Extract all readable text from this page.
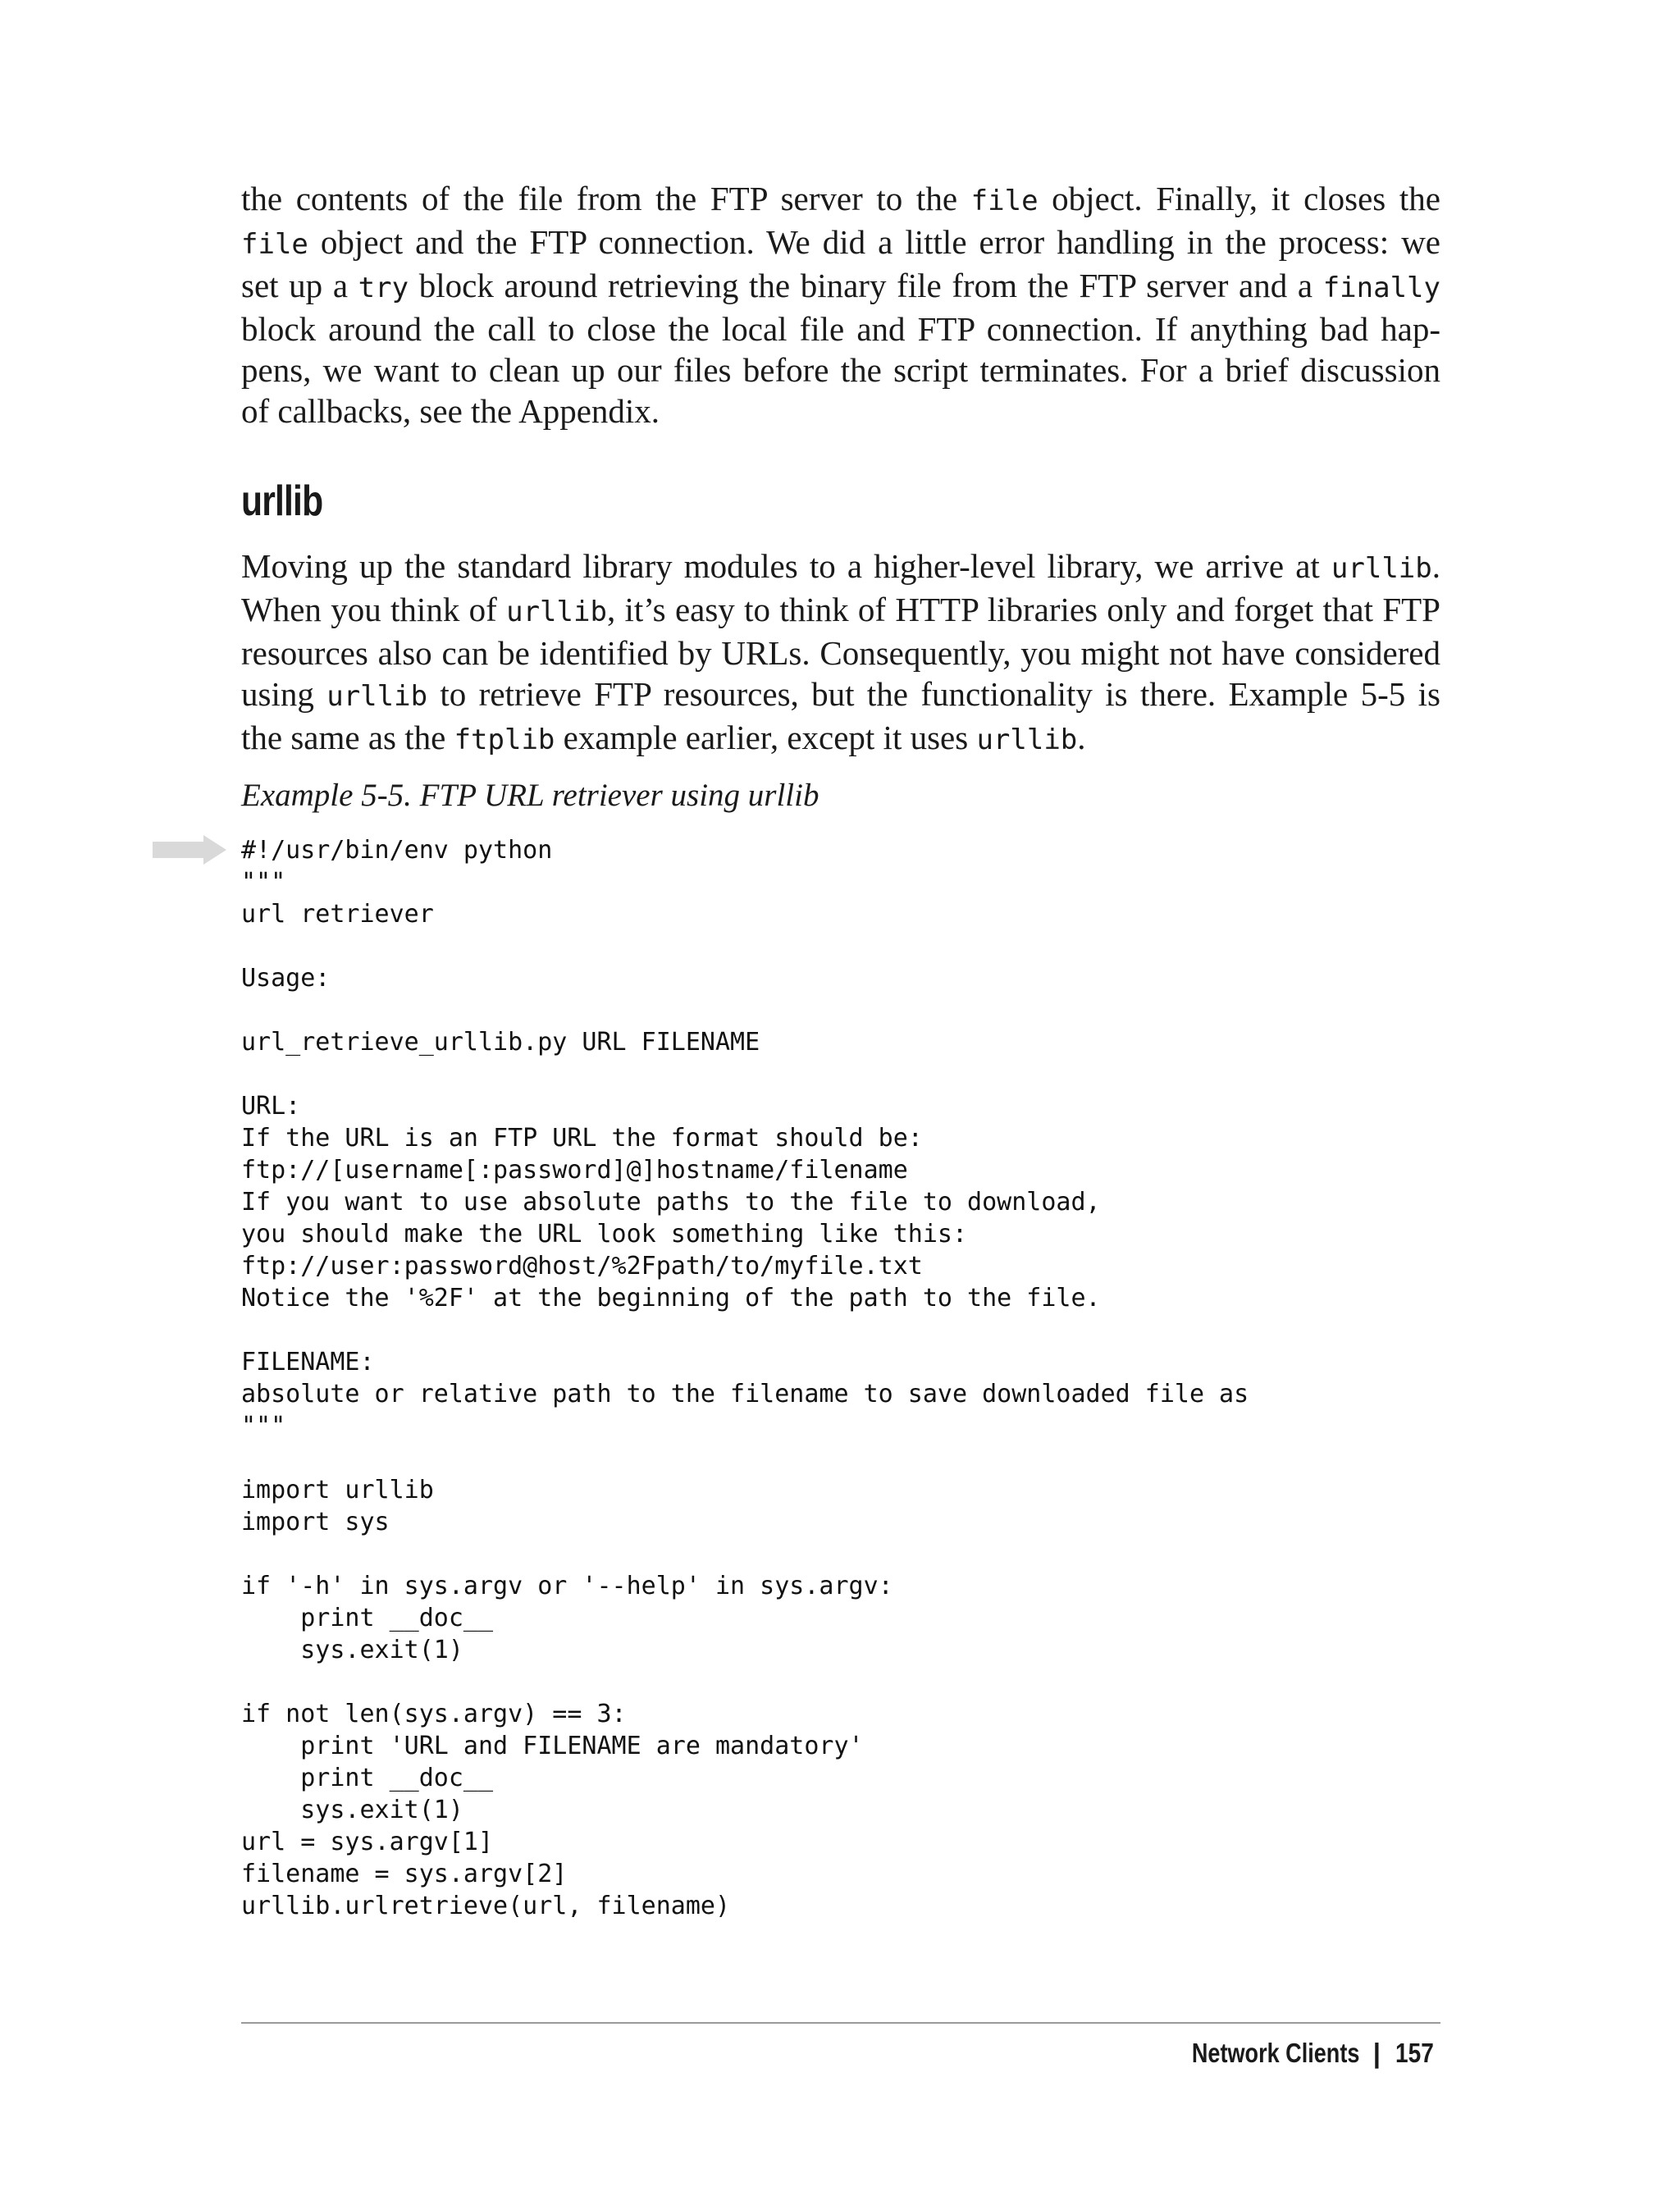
the contents of the file from the FTP server to the file object. Finally, it closes the
file object and the FTP connection. We did a little error handling in the process: we
set up a try block around retrieving the binary file from the FTP server and a finally
block around the call to close the local file and FTP connection. If anything bad hap-
pens, we want to clean up our files before the script terminates. For a brief discussion
of callbacks, see the Appendix.
urllib
Moving up the standard library modules to a higher-level library, we arrive at urllib.
When you think of urllib, it’s easy to think of HTTP libraries only and forget that FTP
resources also can be identified by URLs. Consequently, you might not have considered
using urllib to retrieve FTP resources, but the functionality is there. Example 5-5 is
the same as the ftplib example earlier, except it uses urllib.

Example 5-5. FTP URL retriever using urllib

#!/usr/bin/env python
"""
url retriever
Usage:
url_retrieve_urllib.py URL FILENAME
URL:
If the URL is an FTP URL the format should be:
ftp://[username[:password]@]hostname/filename
If you want to use absolute paths to the file to download,
you should make the URL look something like this:
ftp://user:password@host/%2Fpath/to/myfile.txt
Notice the '%2F' at the beginning of the path to the file.
FILENAME:
absolute or relative path to the filename to save downloaded file as
"""
import urllib
import sys
if '-h' in sys.argv or '--help' in sys.argv:
print __doc__
sys.exit(1)
if not len(sys.argv) == 3:
print 'URL and FILENAME are mandatory'
print __doc__
sys.exit(1)
url = sys.argv[1]
filename = sys.argv[2]
urllib.urlretrieve(url, filename)
Network Clients | 157
